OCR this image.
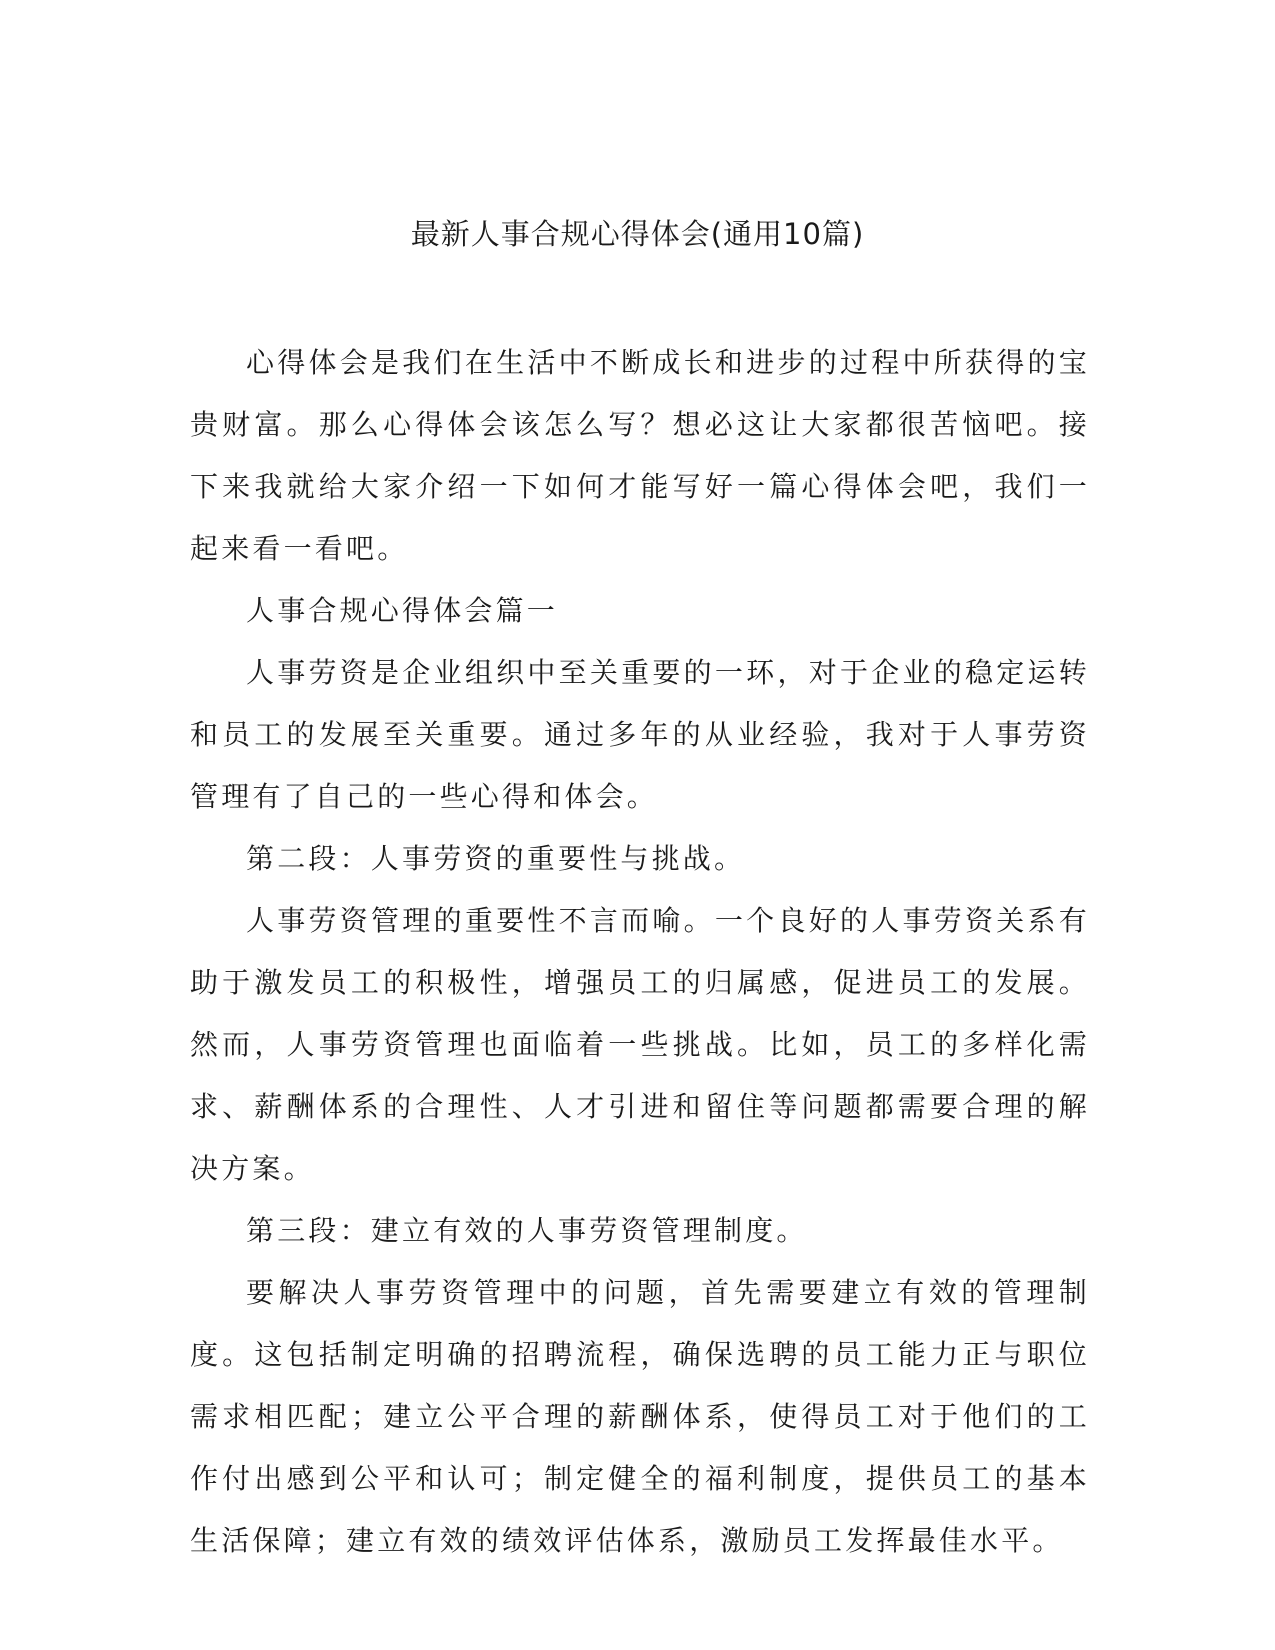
最新人事合规心得体会(通用10篇)

心得体会是我们在生活中不断成长和进步的过程中所获得的宝贵财富。那么心得体会该怎么写？想必这让大家都很苦恼吧。接下来我就给大家介绍一下如何才能写好一篇心得体会吧，我们一起来看一看吧。

人事合规心得体会篇一

人事劳资是企业组织中至关重要的一环，对于企业的稳定运转和员工的发展至关重要。通过多年的从业经验，我对于人事劳资管理有了自己的一些心得和体会。

第二段：人事劳资的重要性与挑战。

人事劳资管理的重要性不言而喻。一个良好的人事劳资关系有助于激发员工的积极性，增强员工的归属感，促进员工的发展。然而，人事劳资管理也面临着一些挑战。比如，员工的多样化需求、薪酬体系的合理性、人才引进和留住等问题都需要合理的解决方案。

第三段：建立有效的人事劳资管理制度。

要解决人事劳资管理中的问题，首先需要建立有效的管理制度。这包括制定明确的招聘流程，确保选聘的员工能力正与职位需求相匹配；建立公平合理的薪酬体系，使得员工对于他们的工作付出感到公平和认可；制定健全的福利制度，提供员工的基本生活保障；建立有效的绩效评估体系，激励员工发挥最佳水平。
